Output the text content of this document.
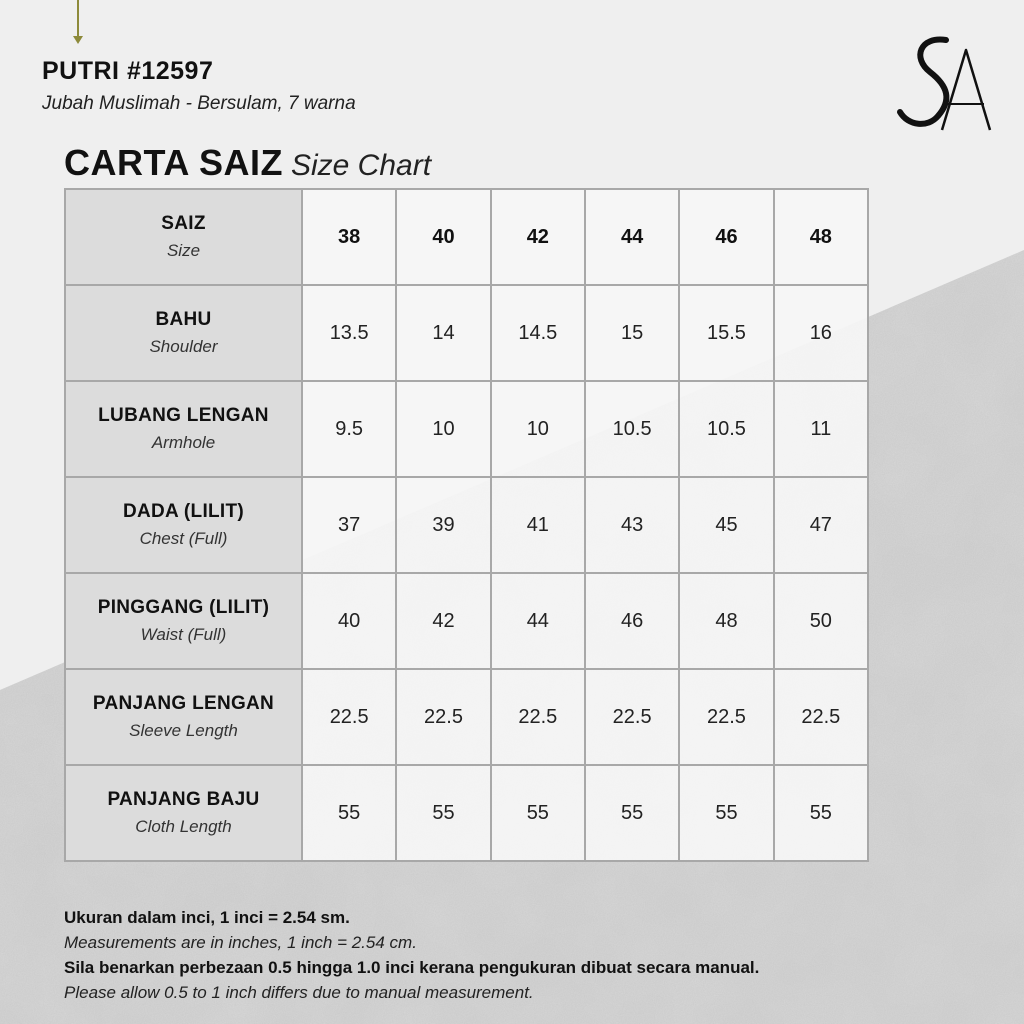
PUTRI #12597
Jubah Muslimah - Bersulam, 7 warna
CARTA SAIZ Size Chart
SAIZ
Size	38	40	42	44	46	48

BAHU
Shoulder	13.5	14	14.5	15	15.5	16

LUBANG LENGAN
Armhole	9.5	10	10	10.5	10.5	11

DADA (LILIT)
Chest (Full)	37	39	41	43	45	47

PINGGANG (LILIT)
Waist (Full)	40	42	44	46	48	50

PANJANG LENGAN
Sleeve Length	22.5	22.5	22.5	22.5	22.5	22.5

PANJANG BAJU
Cloth Length	55	55	55	55	55	55
Ukuran dalam inci, 1 inci = 2.54 sm.
Measurements are in inches, 1 inch = 2.54 cm.
Sila benarkan perbezaan 0.5 hingga 1.0 inci kerana pengukuran dibuat secara manual.
Please allow 0.5 to 1 inch differs due to manual measurement.
